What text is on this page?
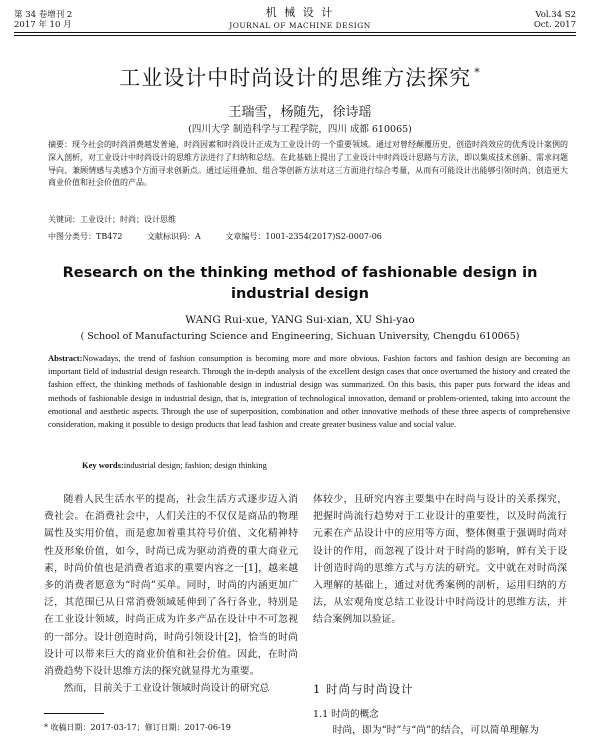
第 34 卷增刊 2
2017 年 10 月
机 械 设 计
JOURNAL OF MACHINE DESIGN
Vol.34 S2
Oct. 2017
工业设计中时尚设计的思维方法探究 *
王瑞雪，杨随先，徐诗瑶
(四川大学 制造科学与工程学院，四川 成都 610065)
摘要：现今社会的时尚消费越发普遍，时尚因素和时尚设计正成为工业设计的一个重要领域。通过对曾经颠覆历史、创造时尚效应的优秀设计案例的深入剖析，对工业设计中时尚设计的思维方法进行了归纳和总结。在此基础上提出了工业设计中时尚设计思路与方法，即以集成技术创新、需求问题导向、兼顾情感与美感3个方面寻求创新点。通过运用叠加、组合等创新方法对这三方面进行综合考量，从而有可能设计出能够引领时尚、创造更大商业价值和社会价值的产品。
关键词：工业设计；时尚；设计思维
中图分类号：TB472	文献标识码：A	文章编号：1001-2354(2017)S2-0007-06
Research on the thinking method of fashionable design in
industrial design
WANG Rui-xue, YANG Sui-xian, XU Shi-yao
( School of Manufacturing Science and Engineering, Sichuan University, Chengdu 610065)
Abstract:Nowadays, the trend of fashion consumption is becoming more and more obvious. Fashion factors and fashion design are becoming an important field of industrial design research. Through the in-depth analysis of the excellent design cases that once overturned the history and created the fashion effect, the thinking methods of fashionable design in industrial design was summarized. On this basis, this paper puts forward the ideas and methods of fashionable design in industrial design, that is, integration of technological innovation, demand or problem-oriented, taking into account the emotional and aesthetic aspects. Through the use of superposition, combination and other innovative methods of these three aspects of comprehensive consideration, making it possible to design products that lead fashion and create greater business value and social value.
Key words:industrial design; fashion; design thinking

随着人民生活水平的提高，社会生活方式逐步迈入消费社会。在消费社会中，人们关注的不仅仅是商品的物理属性及实用价值，而是愈加着重其符号价值、文化精神特性及形象价值，如今，时尚已成为驱动消费的重大商业元素，时尚价值也是消费者追求的重要内容之一[1]，越来越多的消费者愿意为“时尚”买单。同时，时尚的内涵更加广泛，其范围已从日常消费领域延伸到了各行各业，特别是在工业设计领域，时尚正成为许多产品在设计中不可忽视的一部分。设计创造时尚，时尚引领设计[2]，恰当的时尚设计可以带来巨大的商业价值和社会价值。因此，在时尚消费趋势下设计思维方法的探究就显得尤为重要。

然而，目前关于工业设计领域时尚设计的研究总

体较少，且研究内容主要集中在时尚与设计的关系探究，把握时尚流行趋势对于工业设计的重要性，以及时尚流行元素在产品设计中的应用等方面，整体侧重于强调时尚对设计的作用，而忽视了设计对于时尚的影响，鲜有关于设计创造时尚的思维方式与方法的研究。文中就在对时尚深入理解的基础上，通过对优秀案例的剖析，运用归纳的方法，从宏观角度总结工业设计中时尚设计的思维方法，并结合案例加以验证。

1 时尚与时尚设计
1.1 时尚的概念

时尚，即为“时”与“尚”的结合，可以简单理解为

* 收稿日期：2017-03-17；修订日期：2017-06-19
